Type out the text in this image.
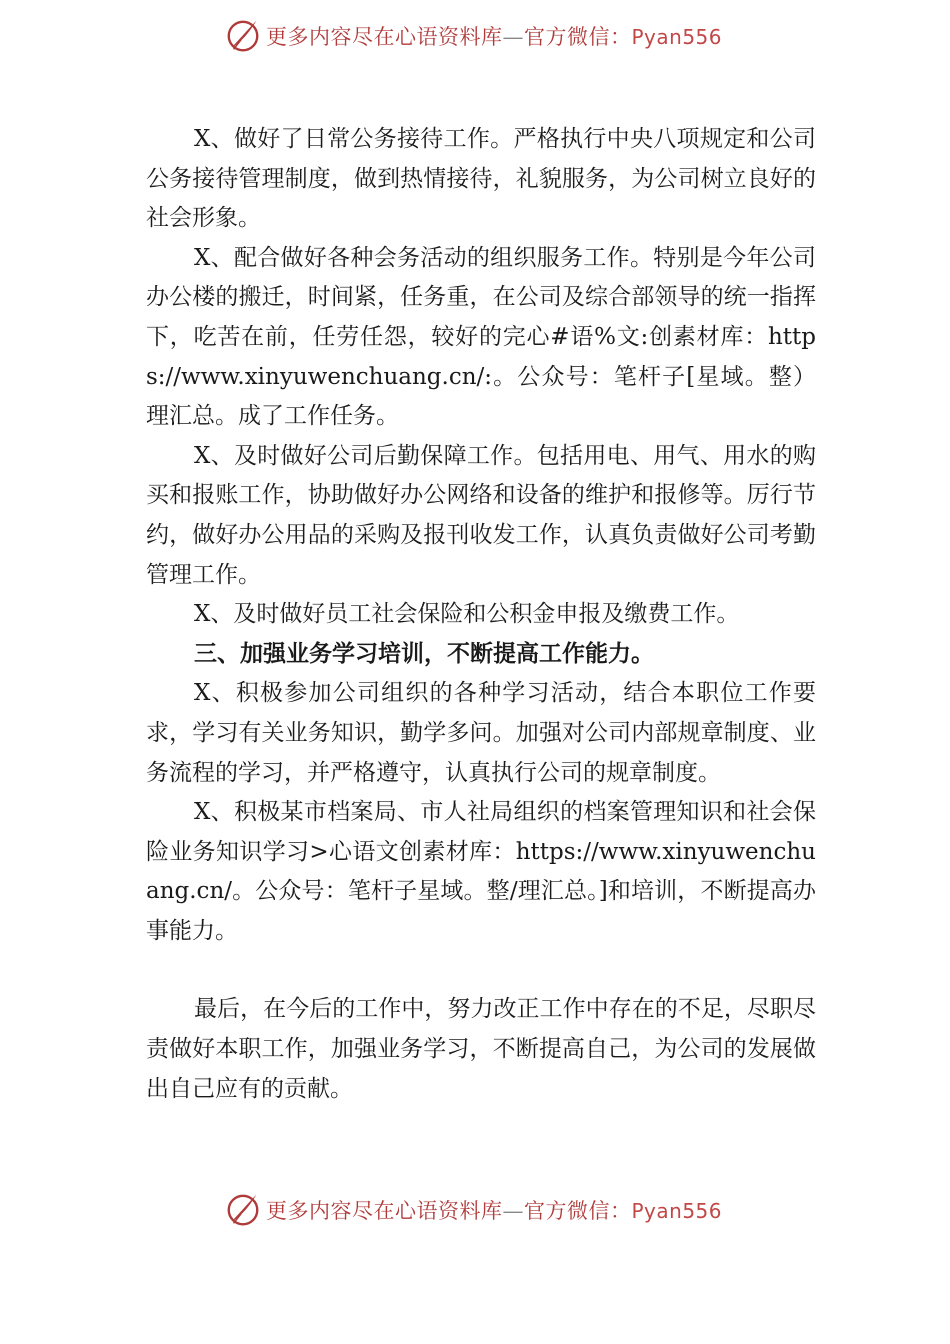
更多内容尽在心语资料库—官方微信：Pyan556

X、做好了日常公务接待工作。严格执行中央八项规定和公司公务接待管理制度，做到热情接待，礼貌服务，为公司树立良好的社会形象。

X、配合做好各种会务活动的组织服务工作。特别是今年公司办公楼的搬迁，时间紧，任务重，在公司及综合部领导的统一指挥下，吃苦在前，任劳任怨，较好的完心#语%文:创素材库：https://www.xinyuwenchuang.cn/:。公众号：笔杆子[星域。整）理汇总。成了工作任务。

X、及时做好公司后勤保障工作。包括用电、用气、用水的购买和报账工作，协助做好办公网络和设备的维护和报修等。厉行节约，做好办公用品的采购及报刊收发工作，认真负责做好公司考勤管理工作。

X、及时做好员工社会保险和公积金申报及缴费工作。

三、加强业务学习培训，不断提高工作能力。

X、积极参加公司组织的各种学习活动，结合本职位工作要求，学习有关业务知识，勤学多问。加强对公司内部规章制度、业务流程的学习，并严格遵守，认真执行公司的规章制度。

X、积极某市档案局、市人社局组织的档案管理知识和社会保险业务知识学习>心语文创素材库：https://www.xinyuwenchuang.cn/。公众号：笔杆子星域。整/理汇总。]和培训，不断提高办事能力。

最后，在今后的工作中，努力改正工作中存在的不足，尽职尽责做好本职工作，加强业务学习，不断提高自己，为公司的发展做出自己应有的贡献。

更多内容尽在心语资料库—官方微信：Pyan556
